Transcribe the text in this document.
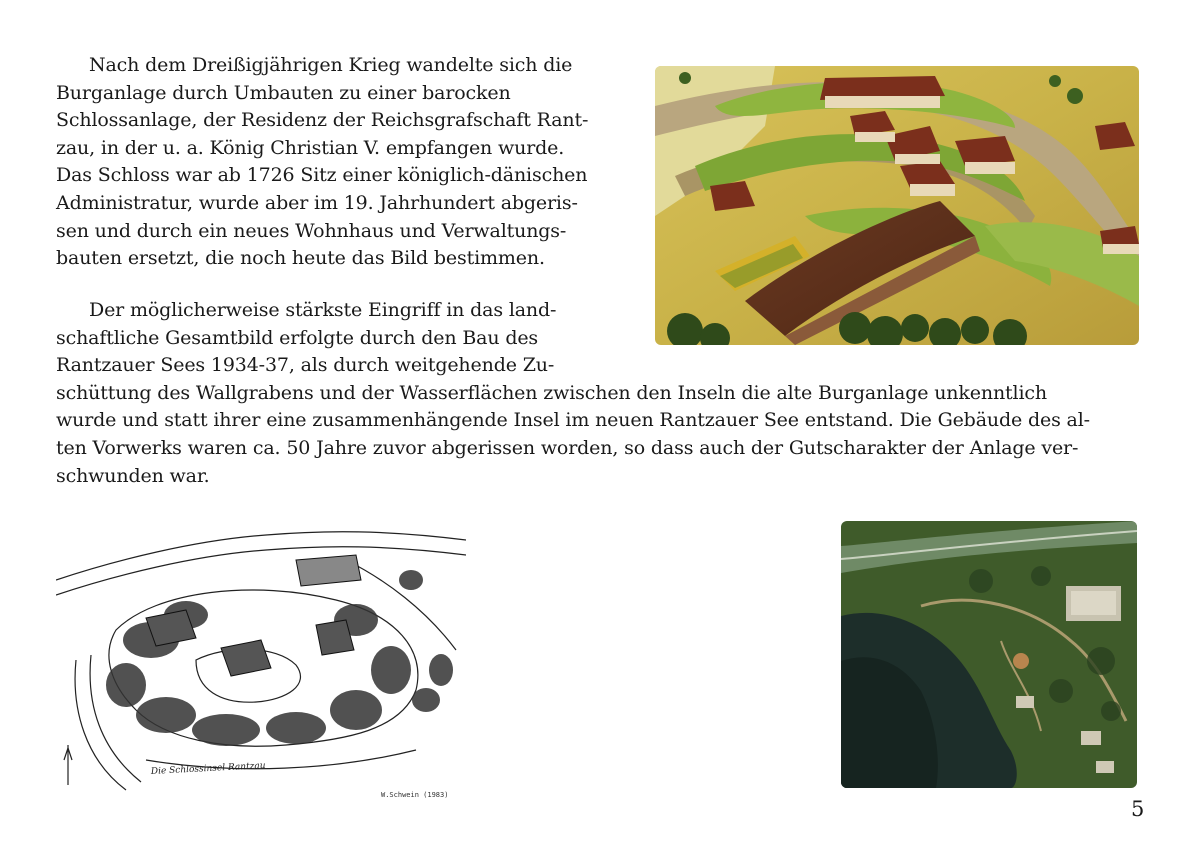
Nach dem Dreißigjährigen Krieg wandelte sich die
Burganlage durch Umbauten zu einer barocken
Schlossanlage, der Residenz der Reichsgrafschaft Rant-
zau, in der u. a. König Christian V. empfangen wurde.
Das Schloss war ab 1726 Sitz einer königlich-dänischen
Administratur, wurde aber im 19. Jahrhundert abgeris-
sen und durch ein neues Wohnhaus und Verwaltungs-
bauten ersetzt, die noch heute das Bild bestimmen.
Der möglicherweise stärkste Eingriff in das land-
schaftliche Gesamtbild erfolgte durch den Bau des
Rantzauer Sees 1934-37, als durch weitgehende Zu-
schüttung des Wallgrabens und der Wasserflächen zwischen den Inseln die alte Burganlage unkenntlich
wurde und statt ihrer eine zusammenhängende Insel im neuen Rantzauer See entstand. Die Gebäude des al-
ten Vorwerks waren ca. 50 Jahre zuvor abgerissen worden, so dass auch der Gutscharakter der Anlage ver-
schwunden war.
Die Schlossinsel Rantzau
W.Schwein (1983)
5
